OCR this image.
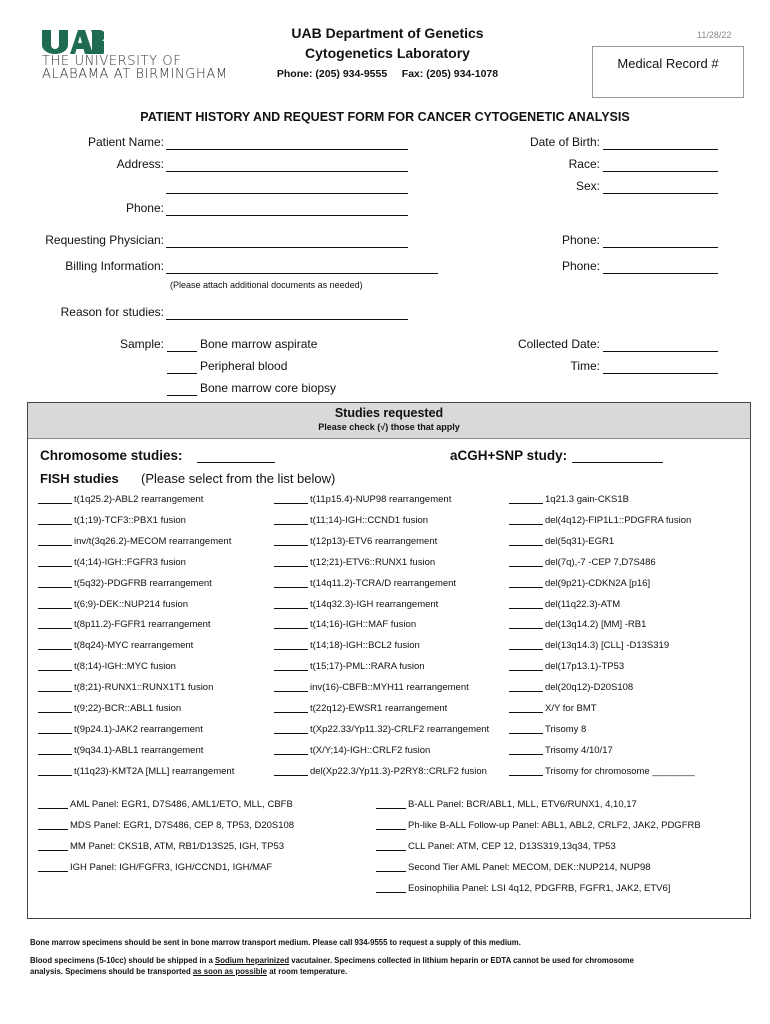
THE UNIVERSITY OF
ALABAMA AT BIRMINGHAM
UAB Department of Genetics
Cytogenetics Laboratory
Phone: (205) 934-9555 Fax: (205) 934-1078
11/28/22
Medical Record #
PATIENT HISTORY AND REQUEST FORM FOR CANCER CYTOGENETIC ANALYSIS
Patient Name:
Address:
Phone:
Date of Birth:
Race:
Sex:
Requesting Physician:
Billing Information:
Phone:
Phone:
(Please attach additional documents as needed)
Reason for studies:
Sample:	Bone marrow aspirate
Peripheral blood
Bone marrow core biopsy
Collected Date:
Time:
Studies requested
Please check (√) those that apply
Chromosome studies:	aCGH+SNP study:
FISH studies (Please select from the list below)
t(1q25.2)-ABL2 rearrangement
t(1;19)-TCF3::PBX1 fusion
inv/t(3q26.2)-MECOM rearrangement
t(4;14)-IGH::FGFR3 fusion
t(5q32)-PDGFRB rearrangement
t(6;9)-DEK::NUP214 fusion
t(8p11.2)-FGFR1 rearrangement
t(8q24)-MYC rearrangement
t(8;14)-IGH::MYC fusion
t(8;21)-RUNX1::RUNX1T1 fusion
t(9;22)-BCR::ABL1 fusion
t(9p24.1)-JAK2 rearrangement
t(9q34.1)-ABL1 rearrangement
t(11q23)-KMT2A [MLL] rearrangement
t(11p15.4)-NUP98 rearrangement
t(11;14)-IGH::CCND1 fusion
t(12p13)-ETV6 rearrangement
t(12;21)-ETV6::RUNX1 fusion
t(14q11.2)-TCRA/D rearrangement
t(14q32.3)-IGH rearrangement
t(14;16)-IGH::MAF fusion
t(14;18)-IGH::BCL2 fusion
t(15;17)-PML::RARA fusion
inv(16)-CBFB::MYH11 rearrangement
t(22q12)-EWSR1 rearrangement
t(Xp22.33/Yp11.32)-CRLF2 rearrangement
t(X/Y;14)-IGH::CRLF2 fusion
del(Xp22.3/Yp11.3)-P2RY8::CRLF2 fusion
1q21.3 gain-CKS1B
del(4q12)-FIP1L1::PDGFRA fusion
del(5q31)-EGR1
del(7q),-7 -CEP 7,D7S486
del(9p21)-CDKN2A [p16]
del(11q22.3)-ATM
del(13q14.2) [MM] -RB1
del(13q14.3) [CLL] -D13S319
del(17p13.1)-TP53
del(20q12)-D20S108
X/Y for BMT
Trisomy 8
Trisomy 4/10/17
Trisomy for chromosome ________
AML Panel: EGR1, D7S486, AML1/ETO, MLL, CBFB
MDS Panel: EGR1, D7S486, CEP 8, TP53, D20S108
MM Panel: CKS1B, ATM, RB1/D13S25, IGH, TP53
IGH Panel: IGH/FGFR3, IGH/CCND1, IGH/MAF
B-ALL Panel: BCR/ABL1, MLL, ETV6/RUNX1, 4,10,17
Ph-like B-ALL Follow-up Panel: ABL1, ABL2, CRLF2, JAK2, PDGFRB
CLL Panel: ATM, CEP 12, D13S319,13q34, TP53
Second Tier AML Panel: MECOM, DEK::NUP214, NUP98
Eosinophilia Panel: LSI 4q12, PDGFRB, FGFR1, JAK2, ETV6]
Bone marrow specimens should be sent in bone marrow transport medium. Please call 934-9555 to request a supply of this medium.
Blood specimens (5-10cc) should be shipped in a Sodium heparinized vacutainer. Specimens collected in lithium heparin or EDTA cannot be used for chromosome
analysis. Specimens should be transported as soon as possible at room temperature.
